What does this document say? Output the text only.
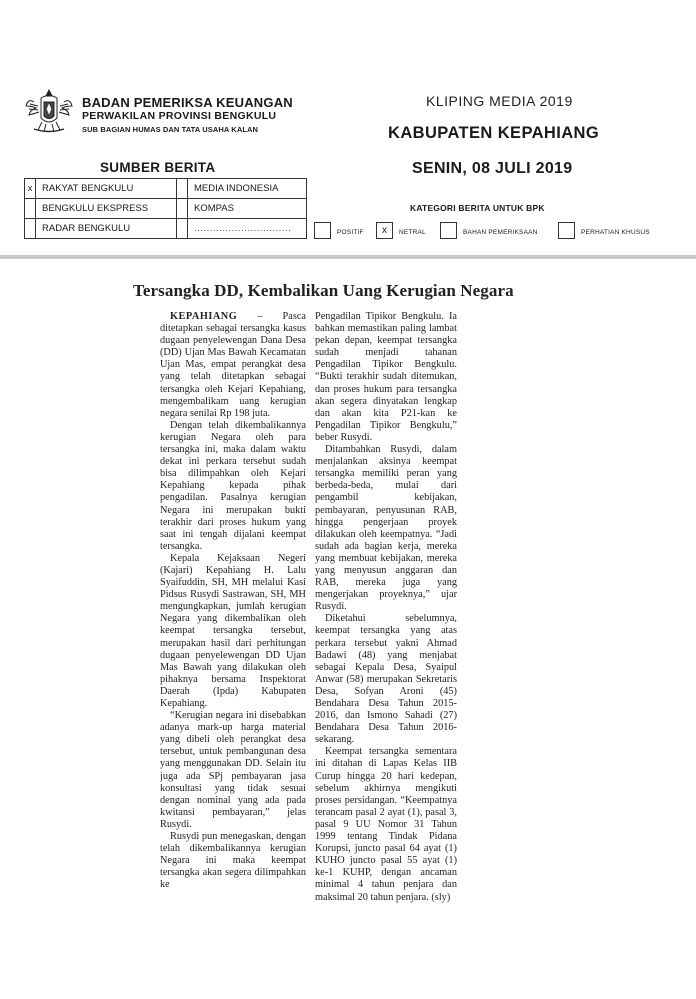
BADAN PEMERIKSA KEUANGAN
PERWAKILAN PROVINSI BENGKULU
SUB BAGIAN HUMAS DAN TATA USAHA KALAN
KLIPING MEDIA 2019
KABUPATEN KEPAHIANG
SENIN, 08 JULI 2019
SUMBER BERITA
x	RAKYAT BENGKULU		MEDIA INDONESIA
	BENGKULU EKSPRESS		KOMPAS
	RADAR BENGKULU		...............................
KATEGORI BERITA UNTUK BPK
POSITIF	x	NETRAL	BAHAN PEMERIKSAAN	PERHATIAN KHUSUS
Tersangka DD, Kembalikan Uang Kerugian Negara

KEPAHIANG – Pasca ditetapkan sebagai tersangka kasus dugaan penyelewengan Dana Desa (DD) Ujan Mas Bawah Kecamatan Ujan Mas, empat perangkat desa yang telah ditetapkan sebagai tersangka oleh Kejari Kepahiang, mengembalikam uang kerugian negara senilai Rp 198 juta.

Dengan telah dikembalikannya kerugian Negara oleh para tersangka ini, maka dalam waktu dekat ini perkara tersebut sudah bisa dilimpahkan oleh Kejari Kepahiang kepada pihak pengadilan. Pasalnya kerugian Negara ini merupakan bukti terakhir dari proses hukum yang saat ini tengah dijalani keempat tersangka.

Kepala Kejaksaan Negeri (Kajari) Kepahiang H. Lalu Syaifuddin, SH, MH melalui Kasi Pidsus Rusydi Sastrawan, SH, MH mengungkapkan, jumlah kerugian Negara yang dikembalikan oleh keempat tersangka tersebut, merupakan hasil dari perhitungan dugaan penyelewengan DD Ujan Mas Bawah yang dilakukan oleh pihaknya bersama Inspektorat Daerah (Ipda) Kabupaten Kepahiang.

“Kerugian negara ini disebabkan adanya mark-up harga material yang dibeli oleh perangkat desa tersebut, untuk pembangunan desa yang menggunakan DD. Selain itu juga ada SPj pembayaran jasa konsultasi yang tidak sesuai dengan nominal yang ada pada kwitansi pembayaran,” jelas Rusydi.

Rusydi pun menegaskan, dengan telah dikembalikannya kerugian Negara ini maka keempat tersangka akan segera dilimpahkan ke

Pengadilan Tipikor Bengkulu. Ia bahkan memastikan paling lambat pekan depan, keempat tersangka sudah menjadi tahanan Pengadilan Tipikor Bengkulu. “Bukti terakhir sudah ditemukan, dan proses hukum para tersangka akan segera dinyatakan lengkap dan akan kita P21-kan ke Pengadilan Tipikor Bengkulu,” beber Rusydi.

Ditambahkan Rusydi, dalam menjalankan aksinya keempat tersangka memiliki peran yang berbeda-beda, mulai dari pengambil kebijakan, pembayaran, penyusunan RAB, hingga pengerjaan proyek dilakukan oleh keempatnya. “Jadi sudah ada bagian kerja, mereka yang membuat kebijakan, mereka yang menyusun anggaran dan RAB, mereka juga yang mengerjakan proyeknya,” ujar Rusydi.

Diketahui sebelumnya, keempat tersangka yang atas perkara tersebut yakni Ahmad Badawi (48) yang menjabat sebagai Kepala Desa, Syaipul Anwar (58) merupakan Sekretaris Desa, Sofyan Aroni (45) Bendahara Desa Tahun 2015-2016, dan Ismono Sahadi (27) Bendahara Desa Tahun 2016-sekarang.

Keempat tersangka sementara ini ditahan di Lapas Kelas IIB Curup hingga 20 hari kedepan, sebelum akhirnya mengikuti proses persidangan. “Keempatnya terancam pasal 2 ayat (1), pasal 3, pasal 9 UU Nomor 31 Tahun 1999 tentang Tindak Pidana Korupsi, juncto pasal 64 ayat (1) KUHO juncto pasal 55 ayat (1) ke-1 KUHP, dengan ancaman minimal 4 tahun penjara dan maksimal 20 tahun penjara. (sly)
